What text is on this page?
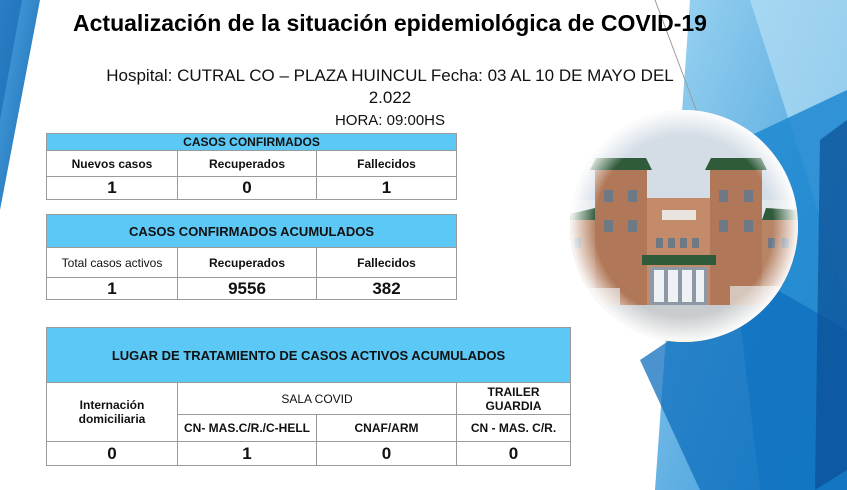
Actualización de la situación epidemiológica de COVID-19
Hospital: CUTRAL CO – PLAZA HUINCUL Fecha: 03 AL 10 DE MAYO DEL 2.022
HORA: 09:00HS
CASOS CONFIRMADOS		
Nuevos casos	Recuperados	Fallecidos
1	0	1
CASOS CONFIRMADOS ACUMULADOS		
Total casos activos	Recuperados	Fallecidos
1	9556	382
LUGAR DE TRATAMIENTO DE CASOS ACTIVOS ACUMULADOS			
Internación domiciliaria	SALA COVID		TRAILER GUARDIA
	CN- MAS.C/R./C-HELL	CNAF/ARM	CN - MAS. C/R.
0	1	0	0
